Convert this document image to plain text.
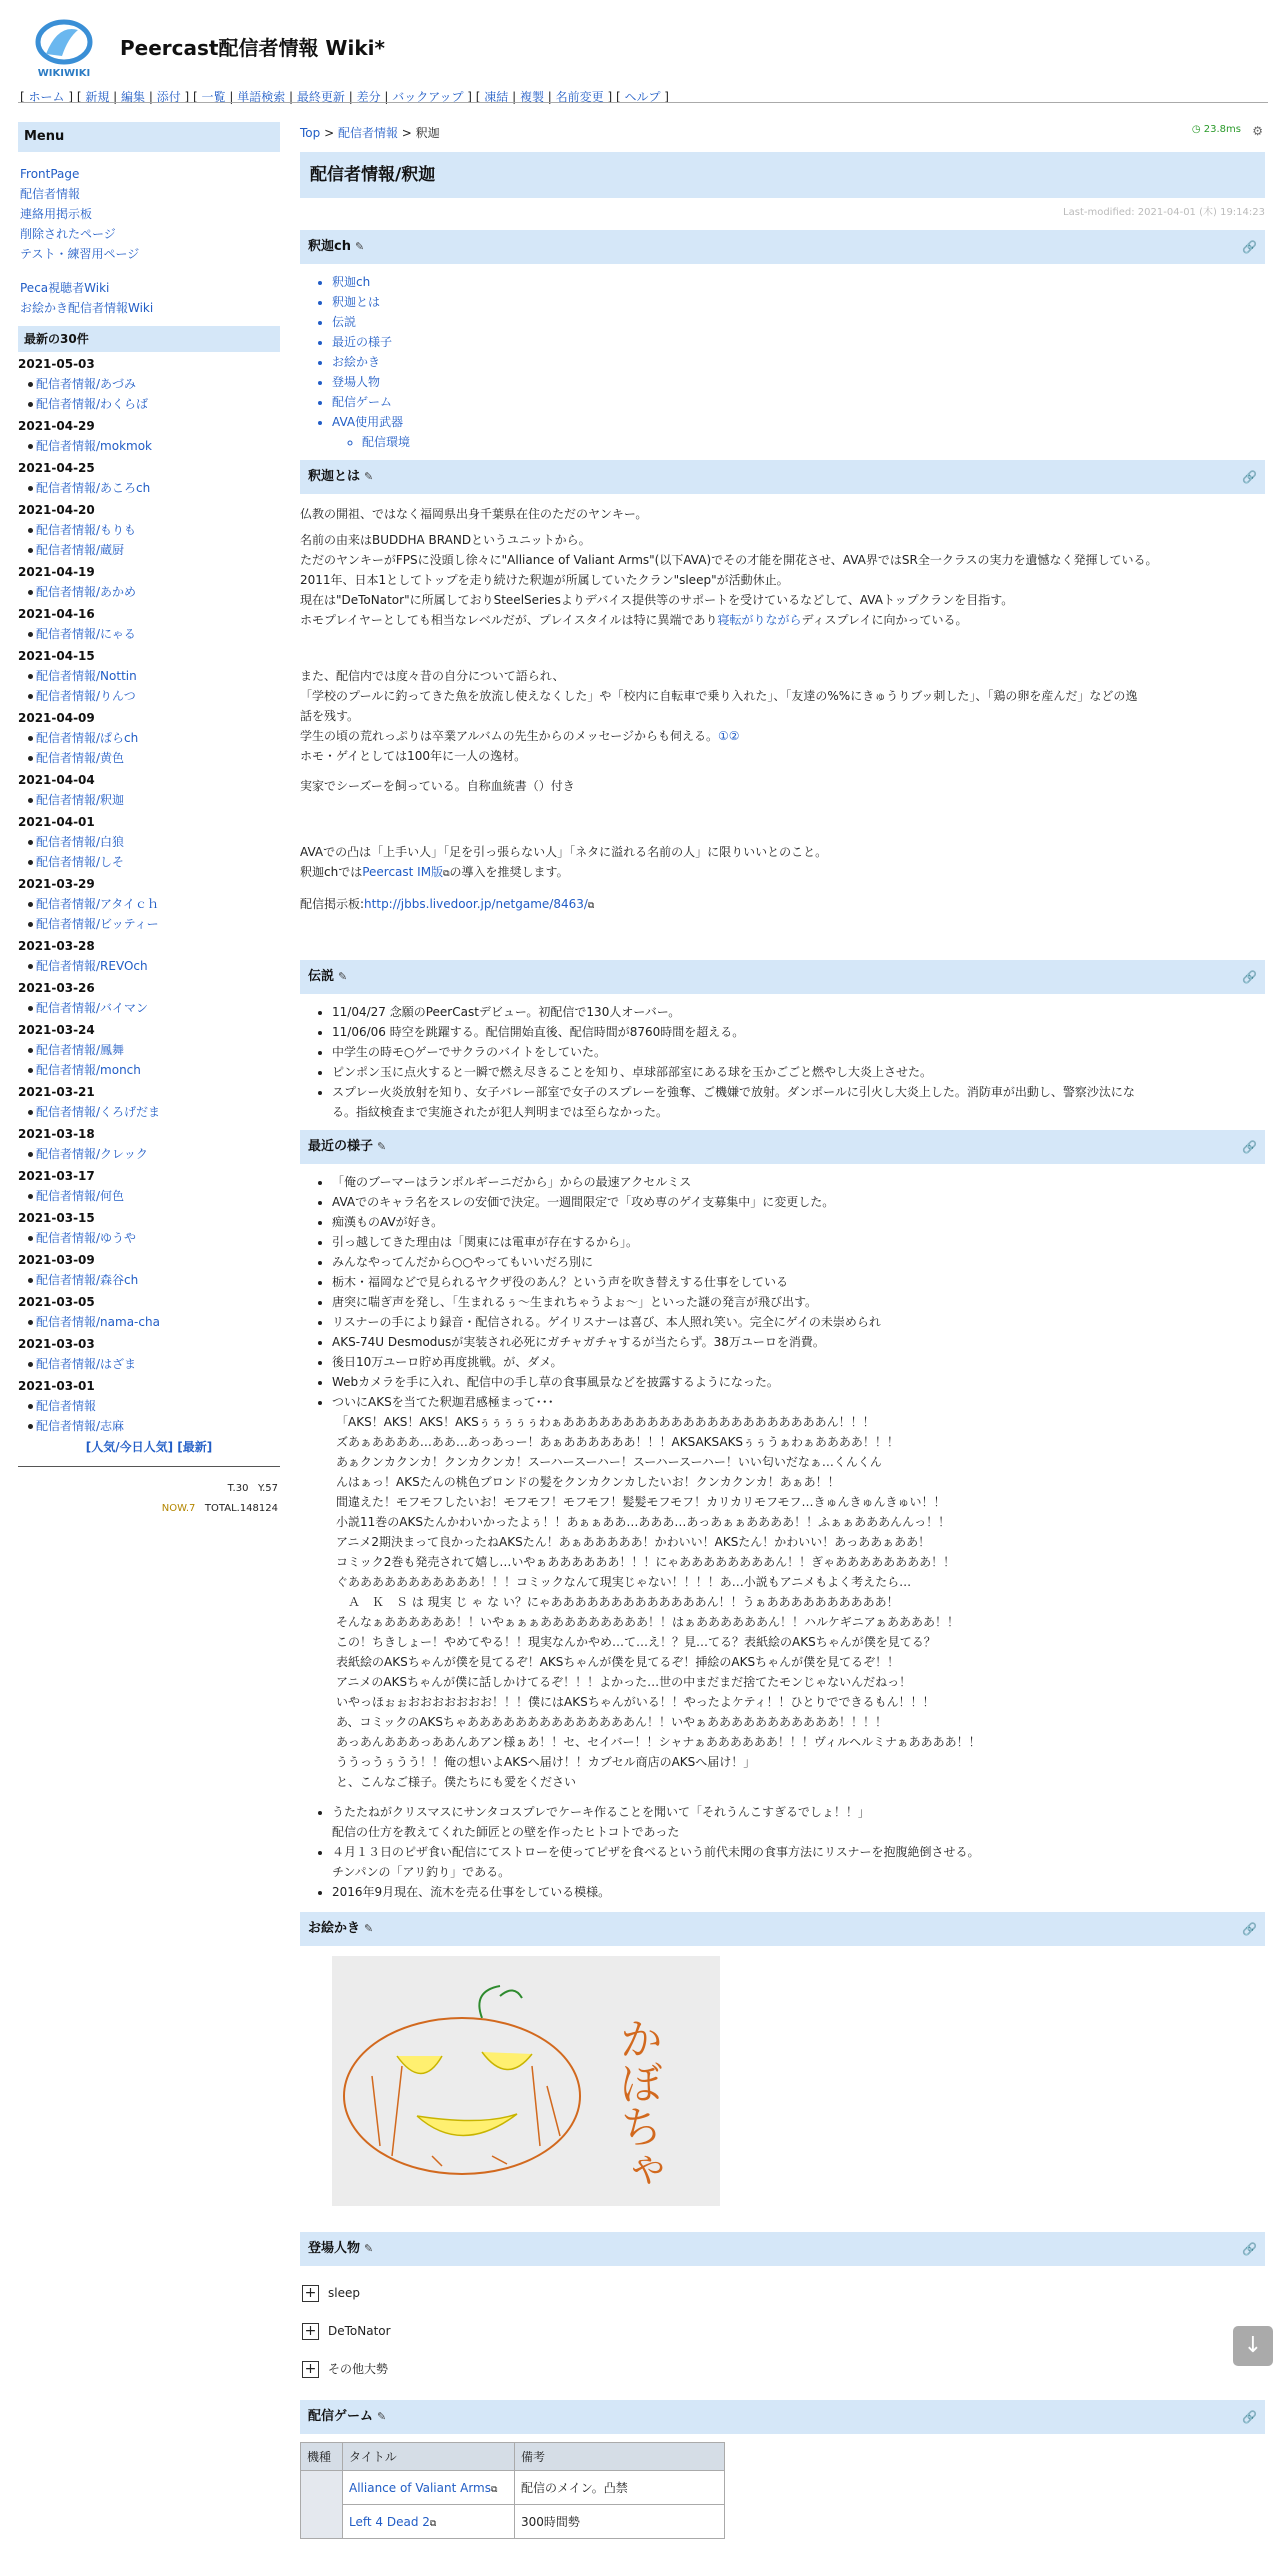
WIKIWIKI
Peercast配信者情報 Wiki*
[ ホーム ] [ 新規 | 編集 | 添付 ] [ 一覧 | 単語検索 | 最終更新 | 差分 | バックアップ ] [ 凍結 | 複製 | 名前変更 ] [ ヘルプ ]
Menu
FrontPage
配信者情報
連絡用掲示板
削除されたページ
テスト・練習用ページ
Peca視聴者Wiki
お絵かき配信者情報Wiki
最新の30件
2021-05-03
配信者情報/あづみ
配信者情報/わくらば
2021-04-29
配信者情報/mokmok
2021-04-25
配信者情報/あころch
2021-04-20
配信者情報/もりも
配信者情報/蔵厨
2021-04-19
配信者情報/あかめ
2021-04-16
配信者情報/にゃる
2021-04-15
配信者情報/Nottin
配信者情報/りんつ
2021-04-09
配信者情報/ぱらch
配信者情報/黄色
2021-04-04
配信者情報/釈迦
2021-04-01
配信者情報/白狼
配信者情報/しそ
2021-03-29
配信者情報/アタイｃｈ
配信者情報/ビッティー
2021-03-28
配信者情報/REVOch
2021-03-26
配信者情報/バイマン
2021-03-24
配信者情報/鳳舞
配信者情報/monch
2021-03-21
配信者情報/くろげだま
2021-03-18
配信者情報/クレック
2021-03-17
配信者情報/何色
2021-03-15
配信者情報/ゆうや
2021-03-09
配信者情報/森谷ch
2021-03-05
配信者情報/nama-cha
2021-03-03
配信者情報/はざま
2021-03-01
配信者情報
配信者情報/志麻
[人気/今日人気] [最新]
T.30 Y.57
NOW.7 TOTAL.148124
Top > 配信者情報 > 釈迦	◷ 23.8ms ⚙
配信者情報/釈迦
Last-modified: 2021-04-01 (木) 19:14:23
釈迦ch ✎	🔗
• 釈迦ch
• 釈迦とは
• 伝説
• 最近の様子
• お絵かき
• 登場人物
• 配信ゲーム
• AVA使用武器
◦ 配信環境
釈迦とは ✎	🔗
仏教の開祖、ではなく福岡県出身千葉県在住のただのヤンキー。
名前の由来はBUDDHA BRANDというユニットから。
ただのヤンキーがFPSに没頭し徐々に"Alliance of Valiant Arms"(以下AVA)でその才能を開花させ、AVA界ではSR全一クラスの実力を遺憾なく発揮している。
2011年、日本1としてトップを走り続けた釈迦が所属していたクラン"sleep"が活動休止。
現在は"DeToNator"に所属しておりSteelSeriesよりデバイス提供等のサポートを受けているなどして、AVAトップクランを目指す。
ホモプレイヤーとしても相当なレベルだが、プレイスタイルは特に異端であり寝転がりながらディスプレイに向かっている。
また、配信内では度々昔の自分について語られ、
「学校のプールに釣ってきた魚を放流し使えなくした」や「校内に自転車で乗り入れた」、「友達の%%にきゅうりブッ刺した」、「鶏の卵を産んだ」などの逸
話を残す。
学生の頃の荒れっぷりは卒業アルバムの先生からのメッセージからも伺える。①②
ホモ・ゲイとしては100年に一人の逸材。
実家でシーズーを飼っている。自称血統書（）付き
AVAでの凸は「上手い人」「足を引っ張らない人」「ネタに溢れる名前の人」に限りいいとのこと。
釈迦chではPeercast IM版⧉の導入を推奨します。
配信掲示板:http://jbbs.livedoor.jp/netgame/8463/⧉
伝説 ✎	🔗
• 11/04/27 念願のPeerCastデビュー。初配信で130人オーバー。
• 11/06/06 時空を跳躍する。配信開始直後、配信時間が8760時間を超える。
• 中学生の時モ○ゲーでサクラのバイトをしていた。
• ピンポン玉に点火すると一瞬で燃え尽きることを知り、卓球部部室にある球を玉かごごと燃やし大炎上させた。
• スプレー火炎放射を知り、女子バレー部室で女子のスプレーを強奪、ご機嫌で放射。ダンボールに引火し大炎上した。消防車が出動し、警察沙汰にな
る。指紋検査まで実施されたが犯人判明までは至らなかった。
最近の様子 ✎	🔗
• 「俺のブーマーはランボルギーニだから」からの最速アクセルミス
• AVAでのキャラ名をスレの安価で決定。一週間限定で「攻め専のゲイ支募集中」に変更した。
• 痴漢ものAVが好き。
• 引っ越してきた理由は「関東には電車が存在するから」。
• みんなやってんだから○○やってもいいだろ別に
• 栃木・福岡などで見られるヤクザ役のあん？という声を吹き替えする仕事をしている
• 唐突に喘ぎ声を発し、「生まれるぅ～生まれちゃうよぉ～」といった謎の発言が飛び出す。
• リスナーの手により録音・配信される。ゲイリスナーは喜び、本人照れ笑い。完全にゲイの未崇められ
• AKS-74U Desmodusが実装され必死にガチャガチャするが当たらず。38万ユーロを消費。
• 後日10万ユーロ貯め再度挑戦。が、ダメ。
• Webカメラを手に入れ、配信中の手し草の食事風景などを披露するようになった。
• ついにAKSを当てた釈迦君感極まって･･･
「AKS！AKS！AKS！AKSぅぅぅぅぅわぁああああああああああああああああああああああん！！！
ズあぁああああ…ああ…あっあっー！あぁああああああ！！！AKSAKSAKSぅぅうぁわぁああああ！！！
あぁクンカクンカ！クンカクンカ！スーハースーハー！スーハースーハー！いい匂いだなぁ…くんくん
んはぁっ！AKSたんの桃色ブロンドの髪をクンカクンカしたいお！クンカクンカ！あぁあ！！
間違えた！モフモフしたいお！モフモフ！モフモフ！髪髪モフモフ！カリカリモフモフ…きゅんきゅんきゅい！！
小説11巻のAKSたんかわいかったよぅ！！あぁぁああ…あああ…あっあぁぁああああ！！ふぁぁあああんんっ！！
アニメ2期決まって良かったねAKSたん！あぁあああああ！かわいい！AKSたん！かわいい！あっああぁああ！
コミック2巻も発売されて嬉し…いやぁああああああ！！！にゃああああああああん！！ぎゃああああああああ！！
ぐあああああああああああ！！！コミックなんて現実じゃない！！！！あ…小説もアニメもよく考えたら…
　Ａ　Ｋ　Ｓ は 現実 じ ゃ な い？にゃあああああああああああああん！！うぁああああああああああ！
そんなぁああああああ！！いやぁぁぁあああああああああ！！はぁああああああん！！ハルケギニアぁああああ！！
この！ちきしょー！やめてやる！！現実なんかやめ…て…え！？見…てる？表紙絵のAKSちゃんが僕を見てる？
表紙絵のAKSちゃんが僕を見てるぞ！AKSちゃんが僕を見てるぞ！挿絵のAKSちゃんが僕を見てるぞ！！
アニメのAKSちゃんが僕に話しかけてるぞ！！！よかった…世の中まだまだ捨てたモンじゃないんだねっ！
いやっほぉぉおおおおおおお！！！僕にはAKSちゃんがいる！！やったよケティ！！ひとりでできるもん！！！
あ、コミックのAKSちゃああああああああああああああん！！いやぁあああああああああああ！！！！
あっあんあああっああんあアン様ぁあ！！セ、セイバー！！シャナぁああああああ！！！ヴィルヘルミナぁああああ！！
ううっうぅうう！！俺の想いよAKSへ届け！！カブセル商店のAKSへ届け！」
と、こんなご様子。僕たちにも愛をください
• うたたねがクリスマスにサンタコスプレでケーキ作ることを聞いて「それうんこすぎるでしょ！！」
配信の仕方を教えてくれた師匠との壁を作ったヒトコトであった
• ４月１３日のピザ食い配信にてストローを使ってピザを食べるという前代未聞の食事方法にリスナーを抱腹絶倒させる。
チンパンの「アリ釣り」である。
• 2016年9月現在、流木を売る仕事をしている模様。
お絵かき ✎	🔗
かぼちゃ
登場人物 ✎	🔗
+ sleep
+ DeToNator
+ その他大勢
配信ゲーム ✎	🔗
機種	タイトル	備考
	Alliance of Valiant Arms⧉	配信のメイン。凸禁
	Left 4 Dead 2⧉	300時間勢
↓
